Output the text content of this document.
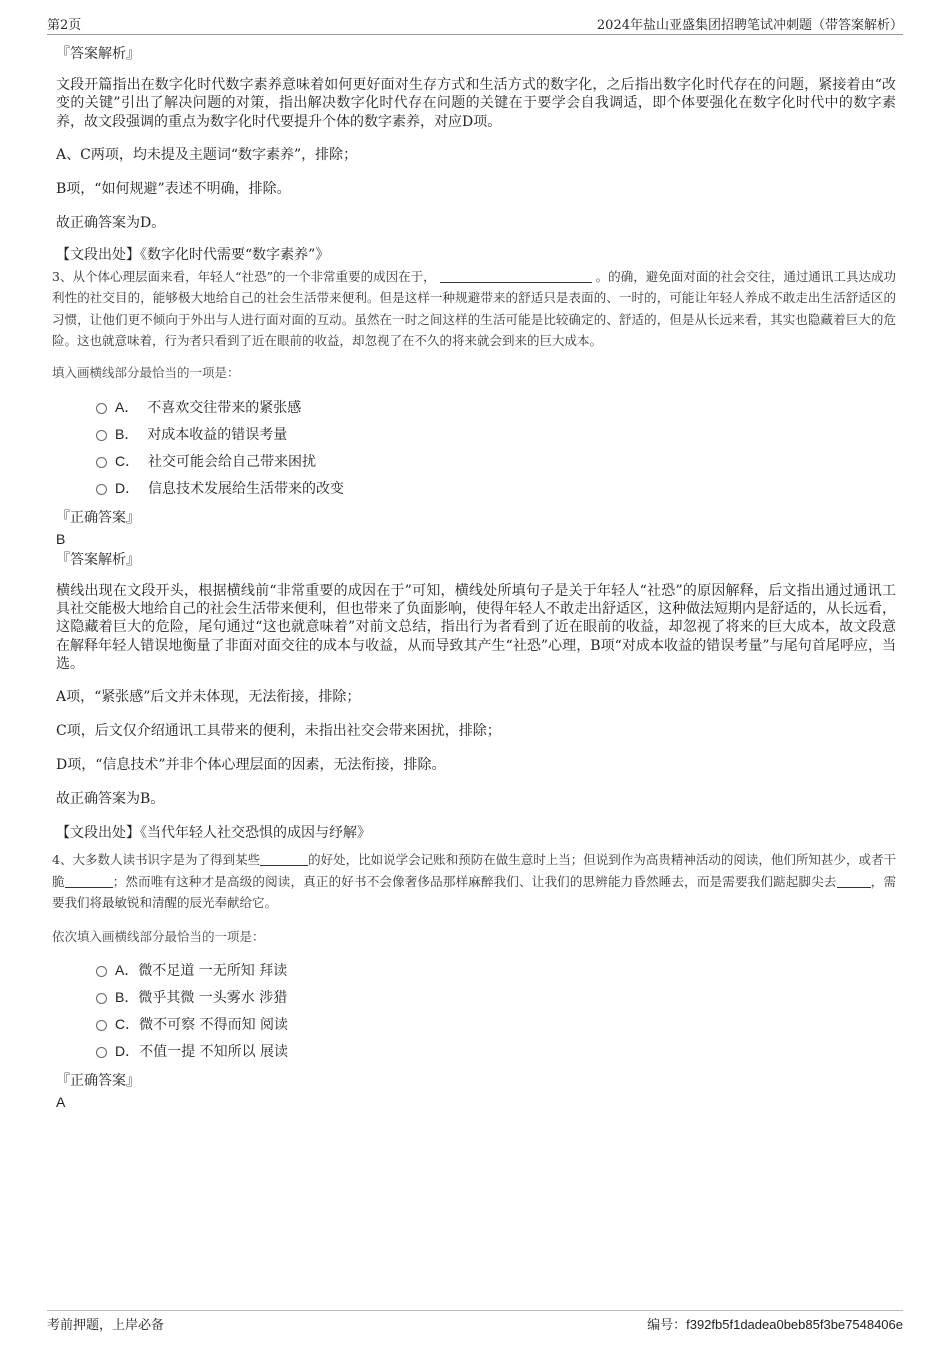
第2页	2024年盐山亚盛集团招聘笔试冲刺题（带答案解析）
『答案解析』
文段开篇指出在数字化时代数字素养意味着如何更好面对生存方式和生活方式的数字化，之后指出数字化时代存在的问题，紧接着由“改变的关键”引出了解决问题的对策，指出解决数字化时代存在问题的关键在于要学会自我调适，即个体要强化在数字化时代中的数字素养，故文段强调的重点为数字化时代要提升个体的数字素养，对应D项。
A、C两项，均未提及主题词“数字素养”，排除；
B项，“如何规避”表述不明确，排除。
故正确答案为D。
【文段出处】《数字化时代需要“数字素养”》
3、从个体心理层面来看，年轻人“社恐”的一个非常重要的成因在于，	。的确，避免面对面的社会交往，通过通讯工具达成功利性的社交目的，能够极大地给自己的社会生活带来便利。但是这样一种规避带来的舒适只是表面的、一时的，可能让年轻人养成不敢走出生活舒适区的习惯，让他们更不倾向于外出与人进行面对面的互动。虽然在一时之间这样的生活可能是比较确定的、舒适的，但是从长远来看，其实也隐藏着巨大的危险。这也就意味着，行为者只看到了近在眼前的收益，却忽视了在不久的将来就会到来的巨大成本。
填入画横线部分最恰当的一项是：
A． 不喜欢交往带来的紧张感
B． 对成本收益的错误考量
C． 社交可能会给自己带来困扰
D． 信息技术发展给生活带来的改变
『正确答案』
B
『答案解析』
横线出现在文段开头，根据横线前“非常重要的成因在于”可知，横线处所填句子是关于年轻人“社恐”的原因解释，后文指出通过通讯工具社交能极大地给自己的社会生活带来便利，但也带来了负面影响，使得年轻人不敢走出舒适区，这种做法短期内是舒适的，从长远看，这隐藏着巨大的危险，尾句通过“这也就意味着”对前文总结，指出行为者看到了近在眼前的收益，却忽视了将来的巨大成本，故文段意在解释年轻人错误地衡量了非面对面交往的成本与收益，从而导致其产生“社恐”心理，B项“对成本收益的错误考量”与尾句首尾呼应，当选。
A项，“紧张感”后文并未体现，无法衔接，排除；
C项，后文仅介绍通讯工具带来的便利，未指出社交会带来困扰，排除；
D项，“信息技术”并非个体心理层面的因素，无法衔接，排除。
故正确答案为B。
【文段出处】《当代年轻人社交恐惧的成因与纾解》
4、大多数人读书识字是为了得到某些	的好处，比如说学会记账和预防在做生意时上当；但说到作为高贵精神活动的阅读，他们所知甚少，或者干脆	；然而唯有这种才是高级的阅读，真正的好书不会像奢侈品那样麻醉我们、让我们的思辨能力昏然睡去，而是需要我们踮起脚尖去	，需要我们将最敏锐和清醒的辰光奉献给它。
依次填入画横线部分最恰当的一项是：
A．微不足道 一无所知 拜读
B．微乎其微 一头雾水 涉猎
C．微不可察 不得而知 阅读
D．不值一提 不知所以 展读
『正确答案』
A
考前押题，上岸必备	编号：f392fb5f1dadea0beb85f3be7548406e
